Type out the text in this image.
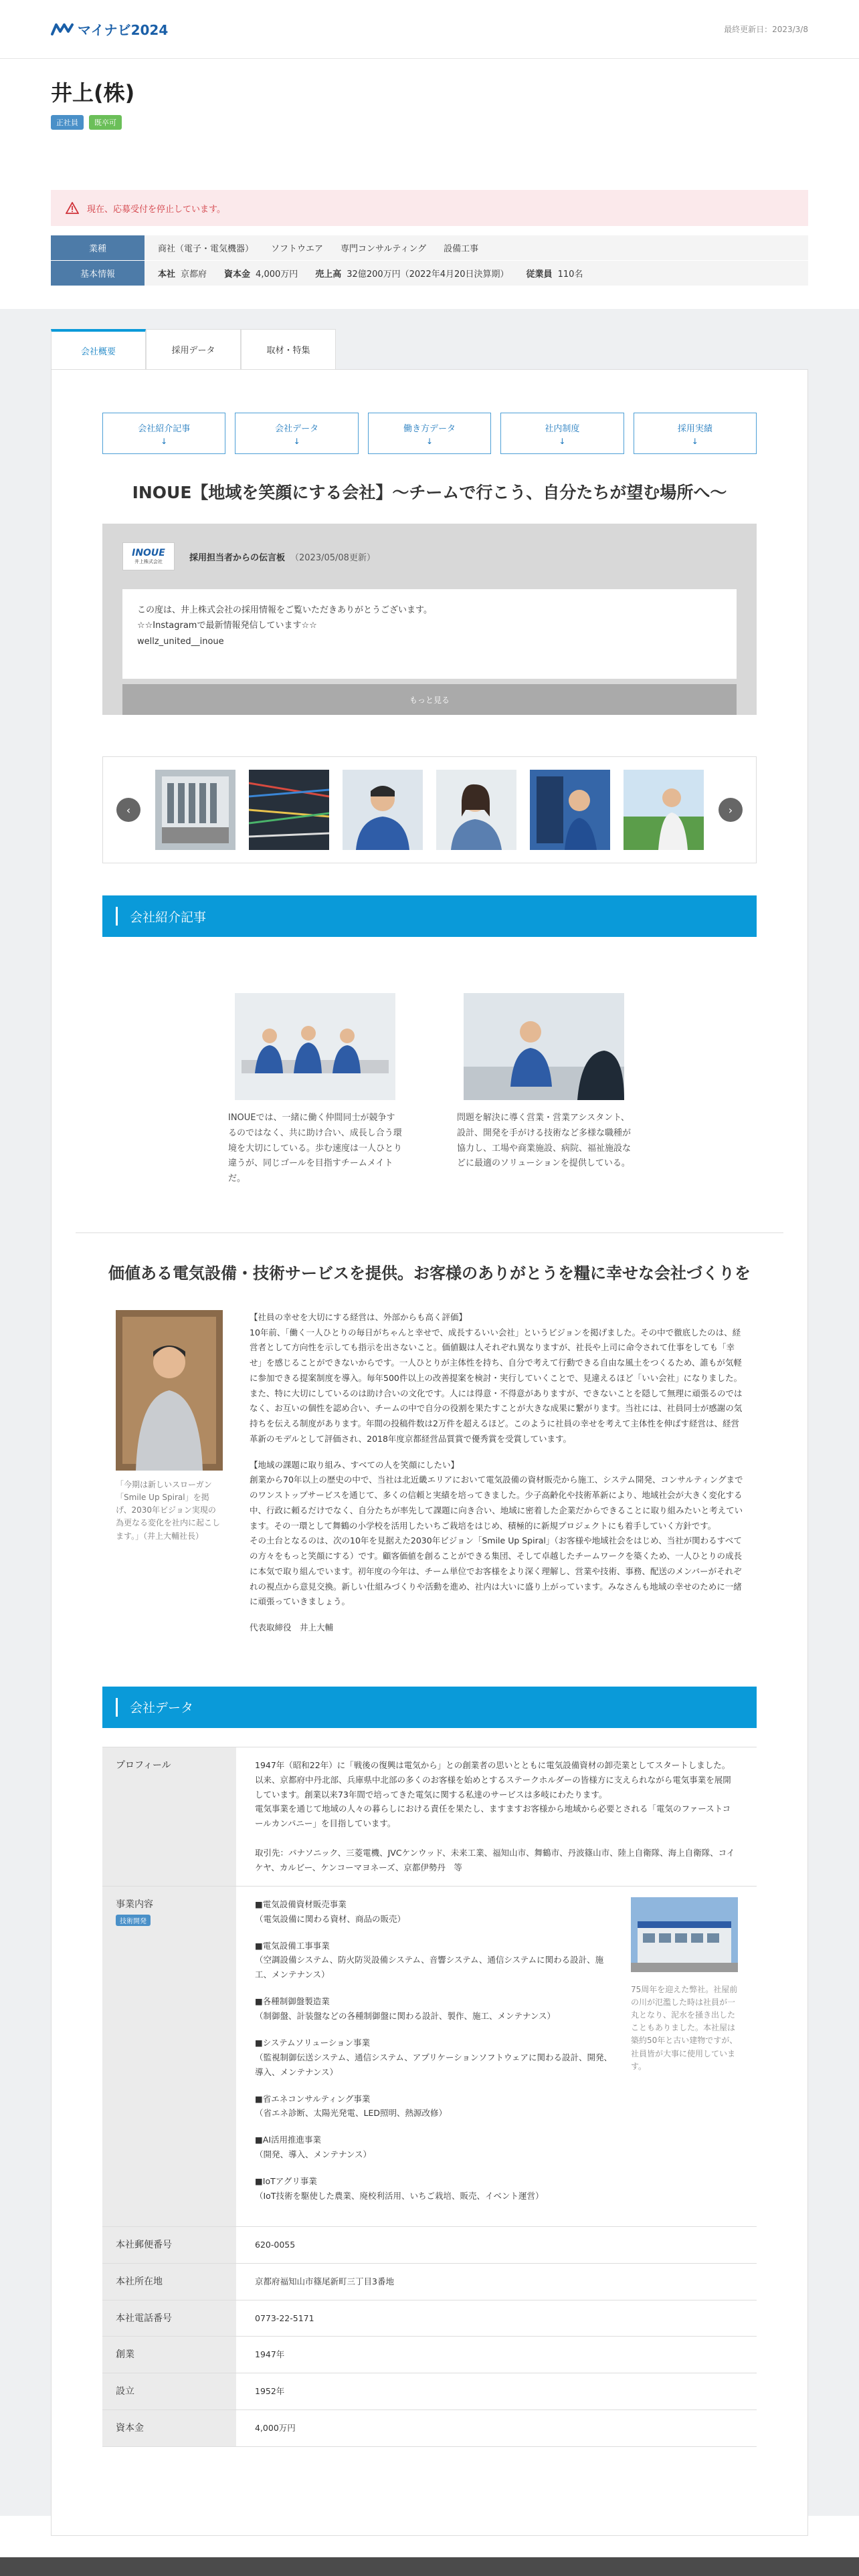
マイナビ2024	最終更新日：2023/3/8
井上(株)
正社員	既卒可
現在、応募受付を停止しています。
業種	商社（電子・電気機器） ソフトウエア 専門コンサルティング 設備工事
基本情報	本社 京都府 資本金 4,000万円 売上高 32億200万円（2022年4月20日決算期） 従業員 110名
会社概要	採用データ	取材・特集
会社紹介記事
↓
会社データ
↓
働き方データ
↓
社内制度
↓
採用実績
↓
INOUE【地域を笑顔にする会社】〜チームで行こう、自分たちが望む場所へ〜
INOUE
井上株式会社	採用担当者からの伝言板 （2023/05/08更新）
この度は、井上株式会社の採用情報をご覧いただきありがとうございます。
☆☆Instagramで最新情報発信しています☆☆
wellz_united__inoue
もっと見る
‹	›
会社紹介記事

INOUEでは、一緒に働く仲間同士が競争するのではなく、共に助け合い、成長し合う環境を大切にしている。歩む速度は一人ひとり違うが、同じゴールを目指すチームメイトだ。

問題を解決に導く営業・営業アシスタント、設計、開発を手がける技術など多様な職種が協力し、工場や商業施設、病院、福祉施設などに最適のソリューションを提供している。

価値ある電気設備・技術サービスを提供。お客様のありがとうを糧に幸せな会社づくりを

「今期は新しいスローガン「Smile Up Spiral」を掲げ、2030年ビジョン実現の為更なる変化を社内に起こします。」（井上大輔社長）

【社員の幸せを大切にする経営は、外部からも高く評価】
10年前、「働く一人ひとりの毎日がちゃんと幸せで、成長するいい会社」というビジョンを掲げました。その中で徹底したのは、経営者として方向性を示しても指示を出さないこと。価値観は人それぞれ異なりますが、社長や上司に命令されて仕事をしても「幸せ」を感じることができないからです。一人ひとりが主体性を持ち、自分で考えて行動できる自由な風土をつくるため、誰もが気軽に参加できる提案制度を導入。毎年500件以上の改善提案を検討・実行していくことで、見違えるほど「いい会社」になりました。
また、特に大切にしているのは助け合いの文化です。人には得意・不得意がありますが、できないことを隠して無理に頑張るのではなく、お互いの個性を認め合い、チームの中で自分の役割を果たすことが大きな成果に繋がります。当社には、社員同士が感謝の気持ちを伝える制度があります。年間の投稿件数は2万件を超えるほど。このように社員の幸せを考えて主体性を伸ばす経営は、経営革新のモデルとして評価され、2018年度京都経営品質賞で優秀賞を受賞しています。

【地域の課題に取り組み、すべての人を笑顔にしたい】
創業から70年以上の歴史の中で、当社は北近畿エリアにおいて電気設備の資材販売から施工、システム開発、コンサルティングまでのワンストップサービスを通じて、多くの信頼と実績を培ってきました。少子高齢化や技術革新により、地域社会が大きく変化する中、行政に頼るだけでなく、自分たちが率先して課題に向き合い、地域に密着した企業だからできることに取り組みたいと考えています。その一環として舞鶴の小学校を活用したいちご栽培をはじめ、積極的に新規プロジェクトにも着手していく方針です。
その土台となるのは、次の10年を見据えた2030年ビジョン「Smile Up Spiral」（お客様や地域社会をはじめ、当社が関わるすべての方々をもっと笑顔にする）です。顧客価値を創ることができる集団、そして卓越したチームワークを築くため、一人ひとりの成長に本気で取り組んでいます。初年度の今年は、チーム単位でお客様をより深く理解し、営業や技術、事務、配送のメンバーがそれぞれの視点から意見交換。新しい仕組みづくりや活動を進め、社内は大いに盛り上がっています。みなさんも地域の幸せのために一緒に頑張っていきましょう。

代表取締役　井上大輔

会社データ
プロフィール	1947年（昭和22年）に「戦後の復興は電気から」との創業者の思いとともに電気設備資材の卸売業としてスタートしました。以来、京都府中丹北部、兵庫県中北部の多くのお客様を始めとするステークホルダーの皆様方に支えられながら電気事業を展開しています。創業以来73年間で培ってきた電気に関する私達のサービスは多岐にわたります。
電気事業を通じて地域の人々の暮らしにおける責任を果たし、ますますお客様から地域から必要とされる「電気のファーストコールカンパニー」を目指しています。

取引先：パナソニック、三菱電機、JVCケンウッド、未来工業、福知山市、舞鶴市、丹波篠山市、陸上自衛隊、海上自衛隊、コイケヤ、カルビー、ケンコーマヨネーズ、京都伊勢丹　等
事業内容
技術開発
■電気設備資材販売事業
（電気設備に関わる資材、商品の販売）
■電気設備工事事業
（空調設備システム、防火防災設備システム、音響システム、通信システムに関わる設計、施工、メンテナンス）
■各種制御盤製造業
（制御盤、計装盤などの各種制御盤に関わる設計、製作、施工、メンテナンス）
■システムソリューション事業
（監視制御伝送システム、通信システム、アプリケーションソフトウェアに関わる設計、開発、導入、メンテナンス）
■省エネコンサルティング事業
（省エネ診断、太陽光発電、LED照明、熱源改修）
■AI活用推進事業
（開発、導入、メンテナンス）
■IoTアグリ事業
（IoT技術を駆使した農業、廃校利活用、いちご栽培、販売、イベント運営）

75周年を迎えた弊社。社屋前の川が氾濫した時は社員が一丸となり、泥水を掻き出したこともありました。本社屋は築約50年と古い建物ですが、社員皆が大事に使用しています。

本社郵便番号	620-0055
本社所在地	京都府福知山市篠尾新町三丁目3番地
本社電話番号	0773-22-5171
創業	1947年
設立	1952年
資本金	4,000万円
